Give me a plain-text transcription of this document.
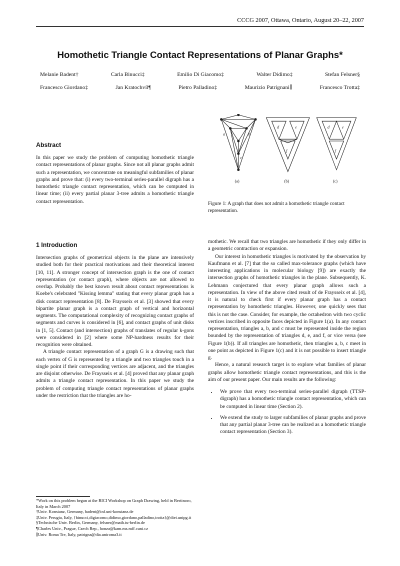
CCCG 2007, Ottawa, Ontario, August 20–22, 2007
Homothetic Triangle Contact Representations of Planar Graphs*
Melanie Badent†	Carla Binucci‡	Emilio Di Giacomo‡	Walter Didimo‡	Stefan Felsner§
Francesco Giordano‡	Jan Kratochvíl¶	Pietro Palladino‡	Maurizio Patrignani∥	Francesco Trotta‡
Abstract

In this paper we study the problem of computing homothetic triangle contact representations of planar graphs. Since not all planar graphs admit such a representation, we concentrate on meaningful subfamilies of planar graphs and prove that: (i) every two-terminal series-parallel digraph has a homothetic triangle contact representation, which can be computed in linear time; (ii) every partial planar 3-tree admits a homothetic triangle contact representation.

1 Introduction

Intersection graphs of geometrical objects in the plane are intensively studied both for their practical motivations and their theoretical interest [10, 11]. A stronger concept of intersection graph is the one of contact representation (or contact graph), where objects are not allowed to overlap. Probably the best known result about contact representations is Koebe's celebrated "Kissing lemma" stating that every planar graph has a disk contact representation [8]. De Fraysseix et al. [3] showed that every bipartite planar graph is a contact graph of vertical and horizontal segments. The computational complexity of recognizing contact graphs of segments and curves is considered in [6], and contact graphs of unit disks in [1, 5]. Contact (and intersection) graphs of translates of regular k-gons were considered in [2] where some NP-hardness results for their recognition were obtained.

A triangle contact representation of a graph G is a drawing such that each vertex of G is represented by a triangle and two triangles touch in a single point if their corresponding vertices are adjacent, and the triangles are disjoint otherwise. De Fraysseix et al. [4] proved that any planar graph admits a triangle contact representation. In this paper we study the problem of computing triangle contact representations of planar graphs under the restriction that the triangles are ho-

*Work on this problem began at the BICI Workshop on Graph Drawing, held in Bertinoro, Italy in March 2007
†Univ. Konstanz, Germany, badent@inf.uni-konstanz.de
‡Univ. Perugia, Italy, {binucci,digiacomo,didimo,giordano,palladino,trotta}@diei.unipg.it
§Technische Univ. Berlin, Germany, felsner@math.tu-berlin.de
¶Charles Univ., Prague, Czech Rep., honza@kam.ms.mff.cuni.cz
∥Univ. Roma Tre, Italy, patrigna@dia.uniroma3.it
a	b
c
d	e
f
d	e
f
(a)	(b)	(c)
Figure 1: A graph that does not admit a homothetic triangle contact representation.

mothetic. We recall that two triangles are homothetic if they only differ in a geometric contraction or expansion.

Our interest in homothetic triangles is motivated by the observation by Kaufmann et al. [7] that the so called max-tolerance graphs (which have interesting applications in molecular biology [9]) are exactly the intersection graphs of homothetic triangles in the plane. Subsequently, K. Lehmann conjectured that every planar graph allows such a representation. In view of the above cited result of de Fraysseix et al. [4], it is natural to check first if every planar graph has a contact representation by homothetic triangles. However, one quickly sees that this is not the case. Consider, for example, the octahedron with two cyclic vertices inscribed in opposite faces depicted in Figure 1(a). In any contact representation, triangles a, b, and c must be represented inside the region bounded by the representation of triangles d, e, and f, or vice versa (see Figure 1(b)). If all triangles are homothetic, then triangles a, b, c meet in one point as depicted in Figure 1(c) and it is not possible to insert triangle g.

Hence, a natural research target is to explore what families of planar graphs allow homothetic triangle contact representations, and this is the aim of our present paper. Our main results are the following:

• We prove that every two-terminal series-parallel digraph (TTSP-digraph) has a homothetic triangle contact representation, which can be computed in linear time (Section 2).
• We extend the study to larger subfamilies of planar graphs and prove that any partial planar 3-tree can be realized as a homothetic triangle contact representation (Section 3).
